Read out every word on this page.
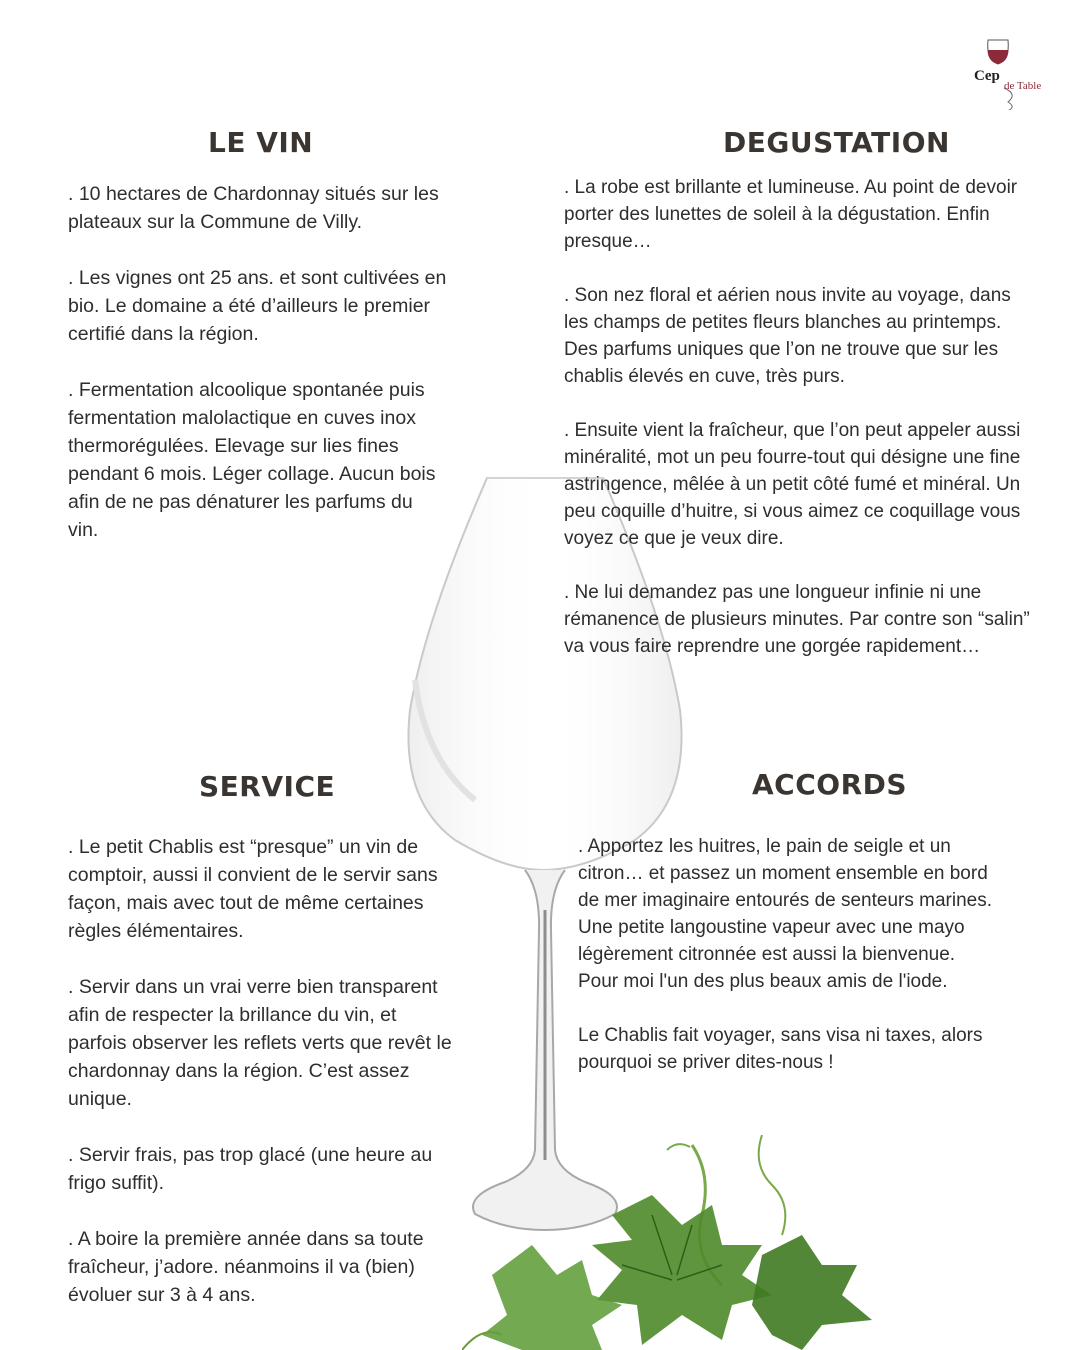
Cep
de Table
LE VIN	DEGUSTATION
SERVICE	ACCORDS

. 10 hectares de Chardonnay situés sur les plateaux sur la Commune de Villy.

. Les vignes ont 25 ans. et sont cultivées en bio. Le domaine a été d’ailleurs le premier certifié dans la région.

. Fermentation alcoolique spontanée puis fermentation malolactique en cuves inox thermorégulées. Elevage sur lies fines pendant 6 mois. Léger collage. Aucun bois afin de ne pas dénaturer les parfums du vin.

. La robe est brillante et lumineuse. Au point de devoir porter des lunettes de soleil à la dégustation. Enfin presque…

. Son nez floral et aérien nous invite au voyage, dans les champs de petites fleurs blanches au printemps. Des parfums uniques que l’on ne trouve que sur les chablis élevés en cuve, très purs.

. Ensuite vient la fraîcheur, que l’on peut appeler aussi minéralité, mot un peu fourre-tout qui désigne une fine astringence, mêlée à un petit côté fumé et minéral. Un peu coquille d’huitre, si vous aimez ce coquillage vous voyez ce que je veux dire.

. Ne lui demandez pas une longueur infinie ni une rémanence de plusieurs minutes. Par contre son “salin” va vous faire reprendre une gorgée rapidement…

. Le petit Chablis est “presque” un vin de comptoir, aussi il convient de le servir sans façon, mais avec tout de même certaines règles élémentaires.

. Servir dans un vrai verre bien transparent afin de respecter la brillance du vin, et parfois observer les reflets verts que revêt le chardonnay dans la région. C’est assez unique.

. Servir frais, pas trop glacé (une heure au frigo suffit).

. A boire la première année dans sa toute fraîcheur, j’adore. néanmoins il va (bien) évoluer sur 3 à 4 ans.

. Apportez les huitres, le pain de seigle et un citron… et passez un moment ensemble en bord de mer imaginaire entourés de senteurs marines. Une petite langoustine vapeur avec une mayo légèrement citronnée est aussi la bienvenue. Pour moi l'un des plus beaux amis de l'iode.

Le Chablis fait voyager, sans visa ni taxes, alors pourquoi se priver dites-nous !
